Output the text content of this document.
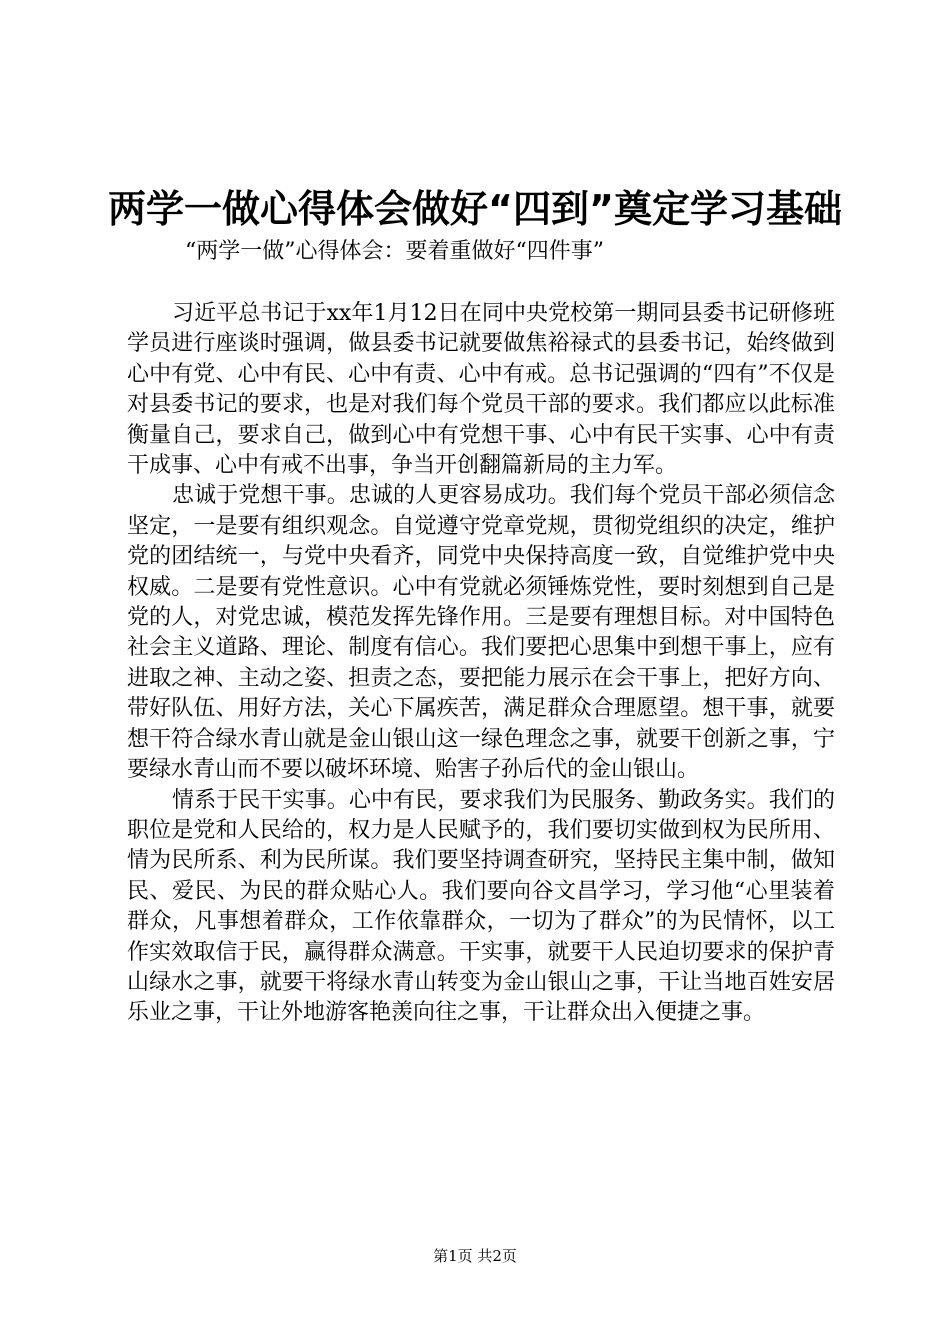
两学一做心得体会做好“四到”奠定学习基础

“两学一做”心得体会：要着重做好“四件事”

习近平总书记于xx年1月12日在同中央党校第一期同县委书记研修班学员进行座谈时强调，做县委书记就要做焦裕禄式的县委书记，始终做到心中有党、心中有民、心中有责、心中有戒。总书记强调的“四有”不仅是对县委书记的要求，也是对我们每个党员干部的要求。我们都应以此标准衡量自己，要求自己，做到心中有党想干事、心中有民干实事、心中有责干成事、心中有戒不出事，争当开创翻篇新局的主力军。

忠诚于党想干事。忠诚的人更容易成功。我们每个党员干部必须信念坚定，一是要有组织观念。自觉遵守党章党规，贯彻党组织的决定，维护党的团结统一，与党中央看齐，同党中央保持高度一致，自觉维护党中央权威。二是要有党性意识。心中有党就必须锤炼党性，要时刻想到自己是党的人，对党忠诚，模范发挥先锋作用。三是要有理想目标。对中国特色社会主义道路、理论、制度有信心。我们要把心思集中到想干事上，应有进取之神、主动之姿、担责之态，要把能力展示在会干事上，把好方向、带好队伍、用好方法，关心下属疾苦，满足群众合理愿望。想干事，就要想干符合绿水青山就是金山银山这一绿色理念之事，就要干创新之事，宁要绿水青山而不要以破坏环境、贻害子孙后代的金山银山。

情系于民干实事。心中有民，要求我们为民服务、勤政务实。我们的职位是党和人民给的，权力是人民赋予的，我们要切实做到权为民所用、情为民所系、利为民所谋。我们要坚持调查研究，坚持民主集中制，做知民、爱民、为民的群众贴心人。我们要向谷文昌学习，学习他“心里装着群众，凡事想着群众，工作依靠群众，一切为了群众”的为民情怀，以工作实效取信于民，赢得群众满意。干实事，就要干人民迫切要求的保护青山绿水之事，就要干将绿水青山转变为金山银山之事，干让当地百姓安居乐业之事，干让外地游客艳羡向往之事，干让群众出入便捷之事。

第1页 共2页
